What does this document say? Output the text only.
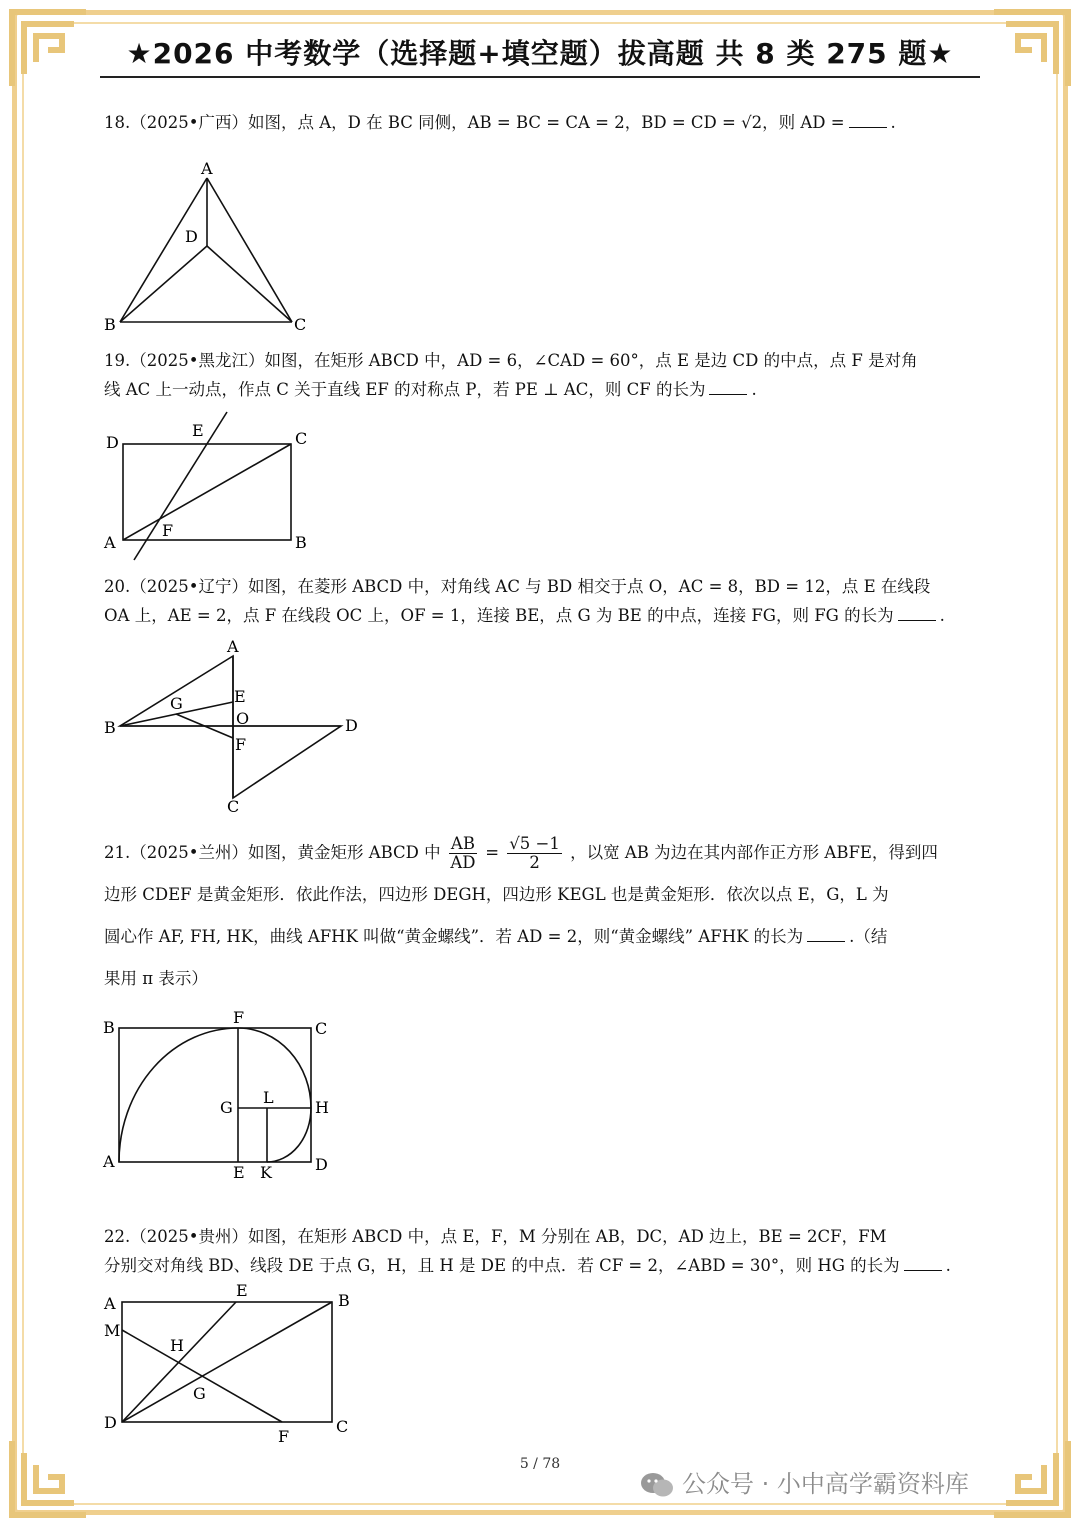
★2026 中考数学（选择题+填空题）拔高题 共 8 类 275 题★
18.（2025•广西）如图，点 A，D 在 BC 同侧，AB = BC = CA = 2，BD = CD = √2，则 AD =	.
A
D
B	C
19.（2025•黑龙江）如图，在矩形 ABCD 中，AD = 6，∠CAD = 60°，点 E 是边 CD 的中点，点 F 是对角
线 AC 上一动点，作点 C 关于直线 EF 的对称点 P，若 PE ⊥ AC，则 CF 的长为	.
D
E	C
A
F
B
20.（2025•辽宁）如图，在菱形 ABCD 中，对角线 AC 与 BD 相交于点 O，AC = 8，BD = 12，点 E 在线段
OA 上，AE = 2，点 F 在线段 OC 上，OF = 1，连接 BE，点 G 为 BE 的中点，连接 FG，则 FG 的长为	.
A
B
G	E
O
F
D
C
21.（2025•兰州）如图，黄金矩形 ABCD 中 $\frac{AB}{AD} = \frac{√5 -1}{2}$ ，以宽 AB 为边在其内部作正方形 ABFE，得到四
边形 CDEF 是黄金矩形．依此作法，四边形 DEGH，四边形 KEGL 也是黄金矩形．依次以点 E，G，L 为
圆心作 AF, FH, HK，曲线 AFHK 叫做“黄金螺线”．若 AD = 2，则“黄金螺线” AFHK 的长为	.（结
果用 π 表示）
B
F
C
G
L
H
A
E K	D
22.（2025•贵州）如图，在矩形 ABCD 中，点 E，F，M 分别在 AB，DC，AD 边上，BE = 2CF，FM
分别交对角线 BD、线段 DE 于点 G，H，且 H 是 DE 的中点．若 CF = 2，∠ABD = 30°，则 HG 的长为	.
A
E
B
M
H
G
D
F
C
5 / 78
公众号 · 小中高学霸资料库
